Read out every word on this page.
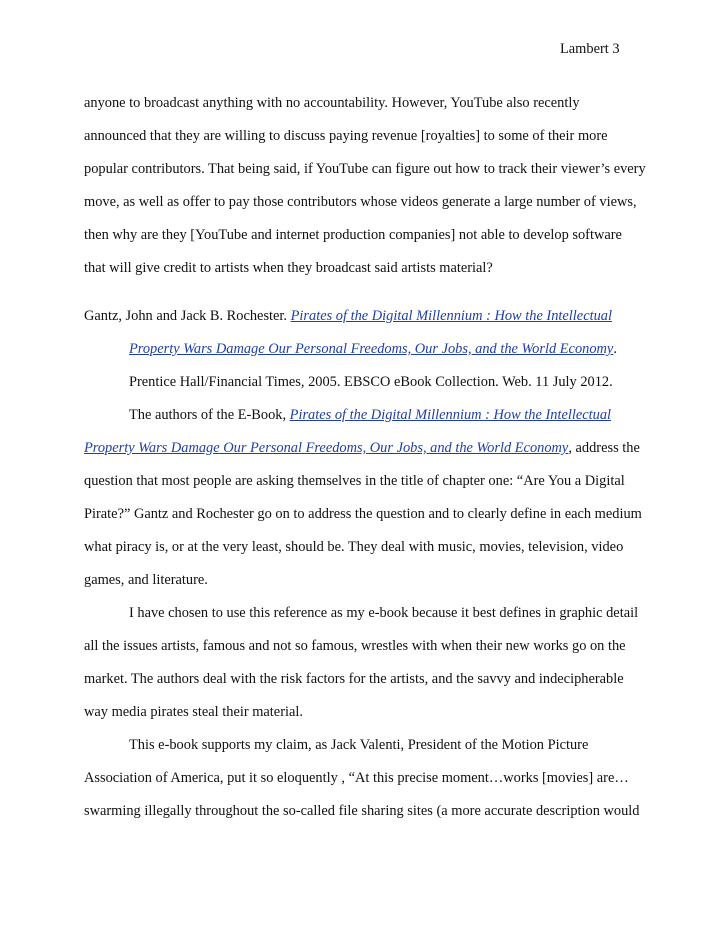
Lambert 3
anyone to broadcast anything with no accountability. However, YouTube also recently
announced that they are willing to discuss paying revenue [royalties] to some of their more
popular contributors. That being said, if YouTube can figure out how to track their viewer’s every
move, as well as offer to pay those contributors whose videos generate a large number of views,
then why are they [YouTube and internet production companies] not able to develop software
that will give credit to artists when they broadcast said artists material?
Gantz, John and Jack B. Rochester. Pirates of the Digital Millennium : How the Intellectual
Property Wars Damage Our Personal Freedoms, Our Jobs, and the World Economy.
Prentice Hall/Financial Times, 2005. EBSCO eBook Collection. Web. 11 July 2012.
The authors of the E-Book, Pirates of the Digital Millennium : How the Intellectual
Property Wars Damage Our Personal Freedoms, Our Jobs, and the World Economy, address the
question that most people are asking themselves in the title of chapter one: “Are You a Digital
Pirate?” Gantz and Rochester go on to address the question and to clearly define in each medium
what piracy is, or at the very least, should be. They deal with music, movies, television, video
games, and literature.
I have chosen to use this reference as my e-book because it best defines in graphic detail
all the issues artists, famous and not so famous, wrestles with when their new works go on the
market. The authors deal with the risk factors for the artists, and the savvy and indecipherable
way media pirates steal their material.
This e-book supports my claim, as Jack Valenti, President of the Motion Picture
Association of America, put it so eloquently , “At this precise moment…works [movies] are…
swarming illegally throughout the so-called file sharing sites (a more accurate description would
